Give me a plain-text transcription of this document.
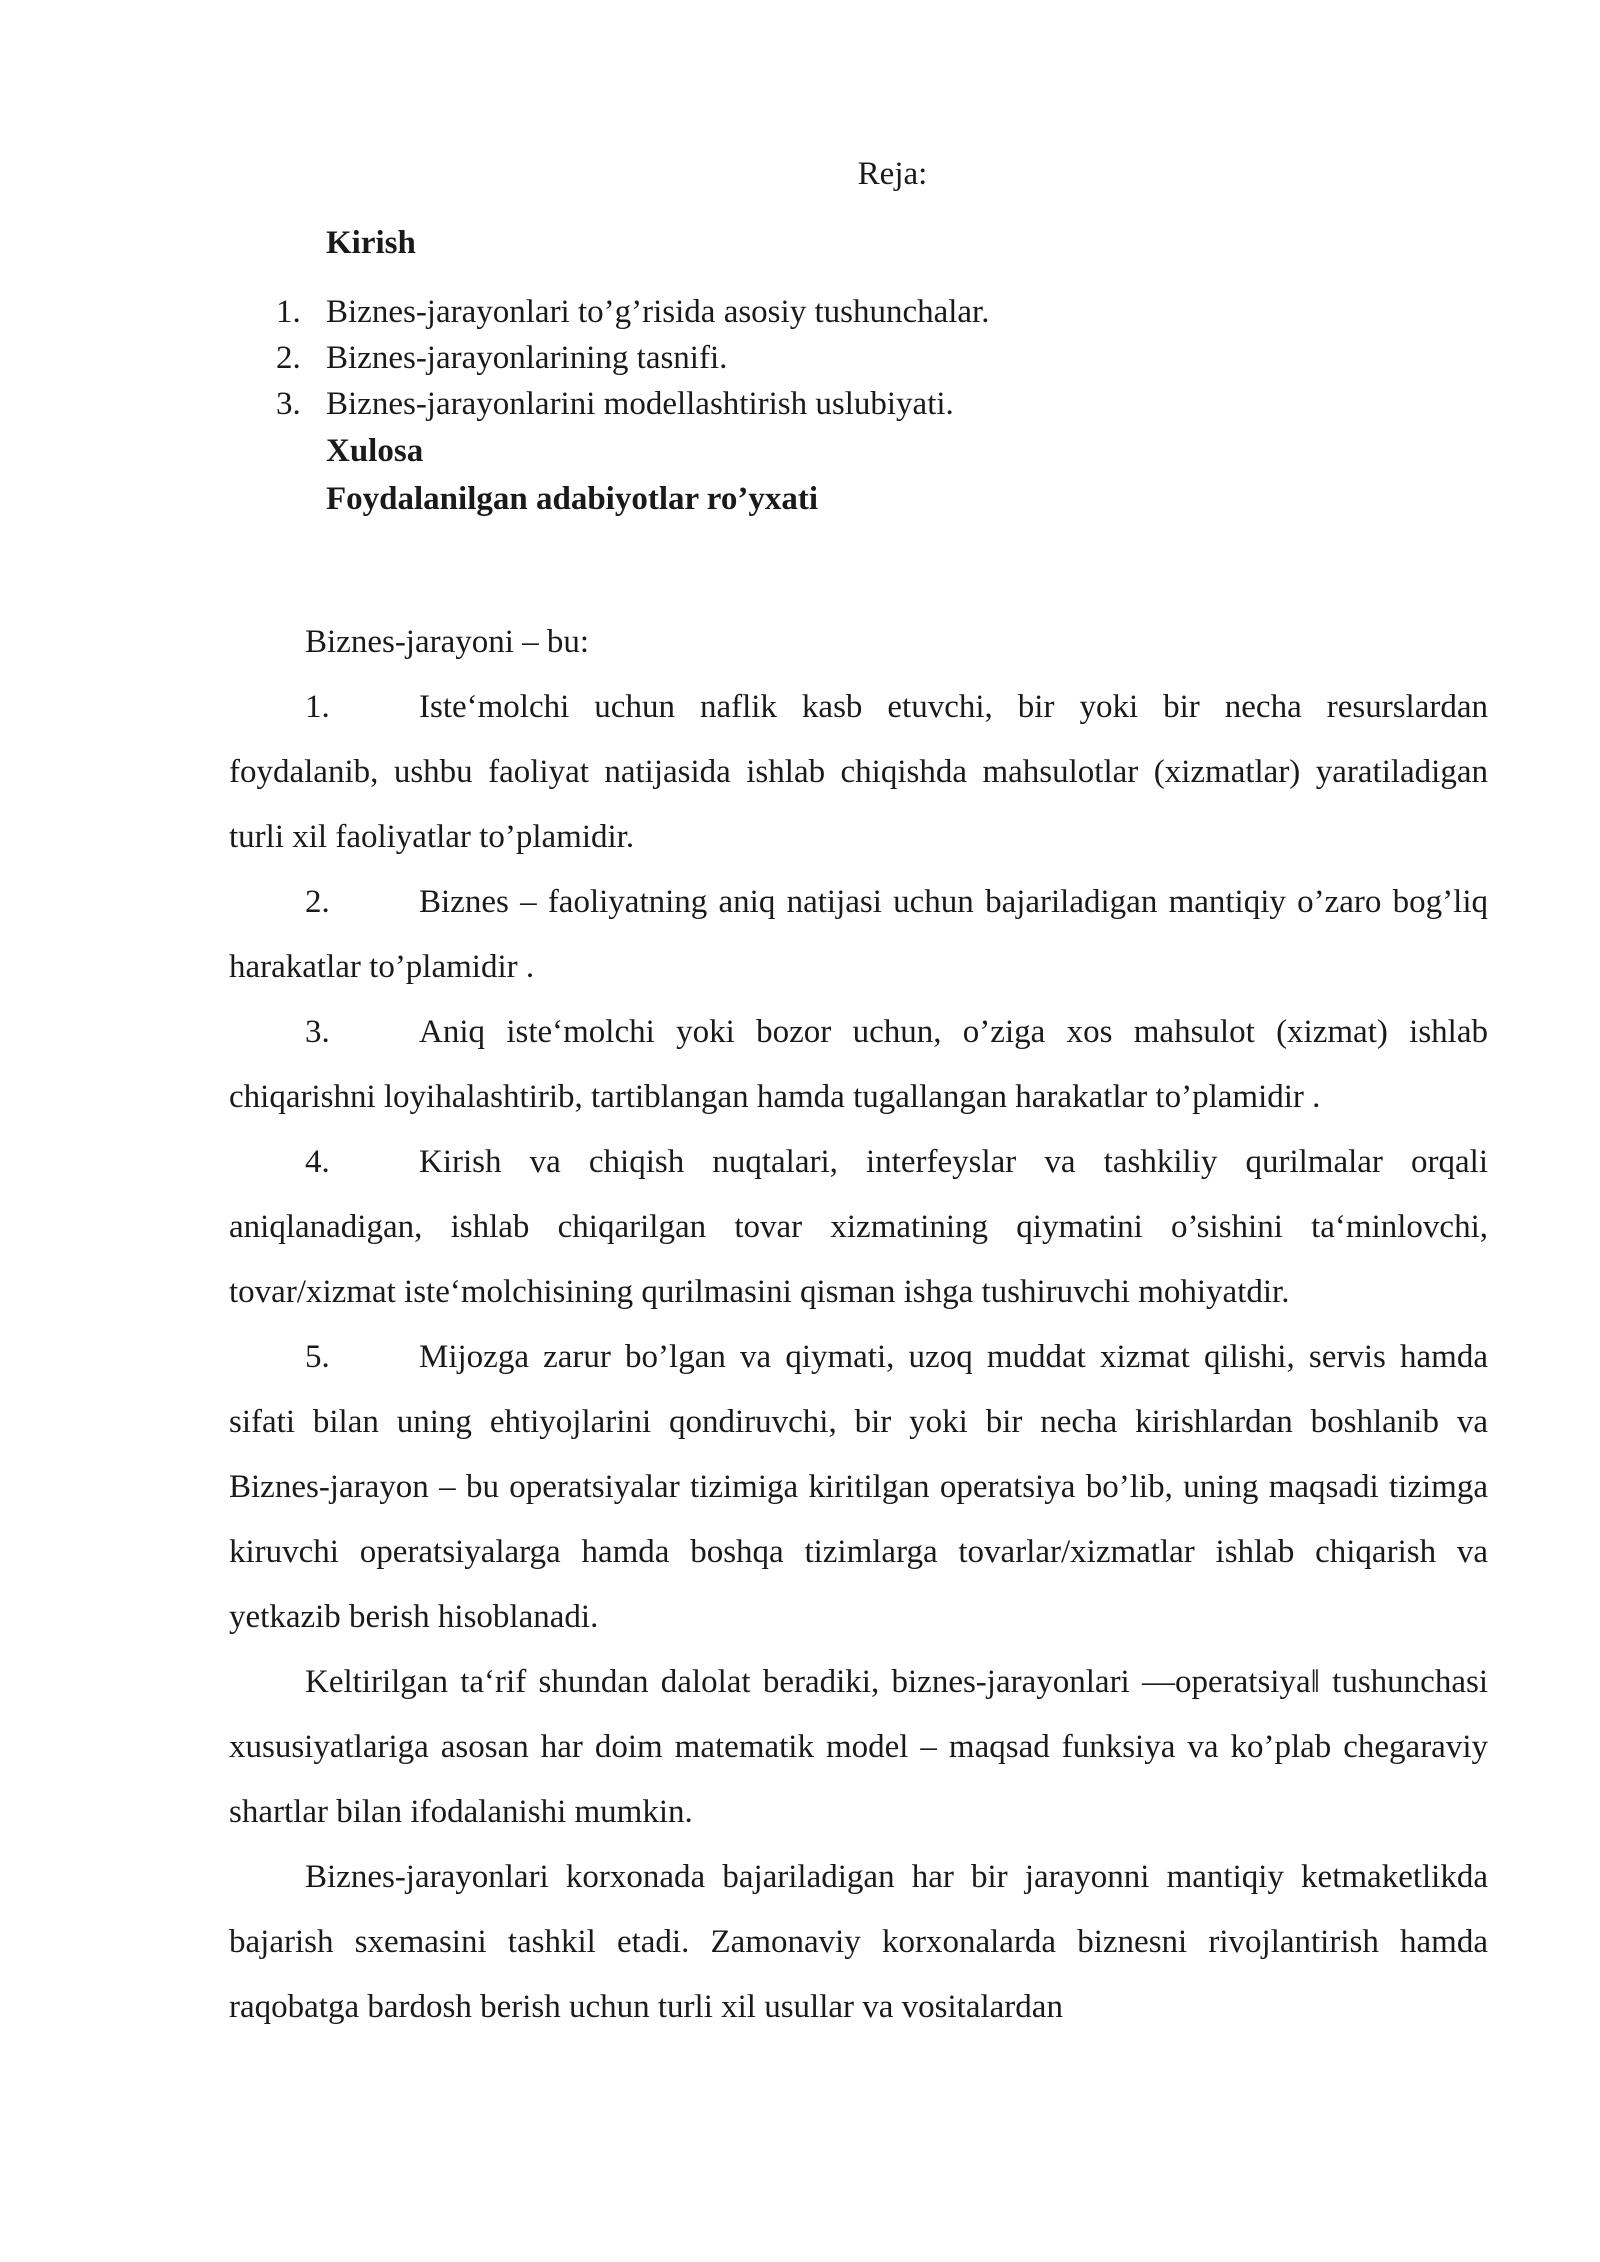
Reja:
Kirish
1. Biznes-jarayonlari to’g’risida asosiy tushunchalar.
2. Biznes-jarayonlarining tasnifi.
3. Biznes-jarayonlarini modellashtirish uslubiyati.
Xulosa
Foydalanilgan adabiyotlar ro’yxati

Biznes-jarayoni – bu:

1.	Iste‘molchi uchun naflik kasb etuvchi, bir yoki bir necha resurslardan foydalanib, ushbu faoliyat natijasida ishlab chiqishda mahsulotlar (xizmatlar) yaratiladigan turli xil faoliyatlar to’plamidir.

2.	Biznes – faoliyatning aniq natijasi uchun bajariladigan mantiqiy o’zaro bog’liq harakatlar to’plamidir .

3.	Aniq iste‘molchi yoki bozor uchun, o’ziga xos mahsulot (xizmat) ishlab chiqarishni loyihalashtirib, tartiblangan hamda tugallangan harakatlar to’plamidir .

4.	Kirish va chiqish nuqtalari, interfeyslar va tashkiliy qurilmalar orqali aniqlanadigan, ishlab chiqarilgan tovar xizmatining qiymatini o’sishini ta‘minlovchi, tovar/xizmat iste‘molchisining qurilmasini qisman ishga tushiruvchi mohiyatdir.

5.	Mijozga zarur bo’lgan va qiymati, uzoq muddat xizmat qilishi, servis hamda sifati bilan uning ehtiyojlarini qondiruvchi, bir yoki bir necha kirishlardan boshlanib va Biznes-jarayon – bu operatsiyalar tizimiga kiritilgan operatsiya bo’lib, uning maqsadi tizimga kiruvchi operatsiyalarga hamda boshqa tizimlarga tovarlar/xizmatlar ishlab chiqarish va yetkazib berish hisoblanadi.

Keltirilgan ta‘rif shundan dalolat beradiki, biznes-jarayonlari ―operatsiya‖ tushunchasi xususiyatlariga asosan har doim matematik model – maqsad funksiya va ko’plab chegaraviy shartlar bilan ifodalanishi mumkin.

Biznes-jarayonlari korxonada bajariladigan har bir jarayonni mantiqiy ketmaketlikda bajarish sxemasini tashkil etadi. Zamonaviy korxonalarda biznesni rivojlantirish hamda raqobatga bardosh berish uchun turli xil usullar va vositalardan
